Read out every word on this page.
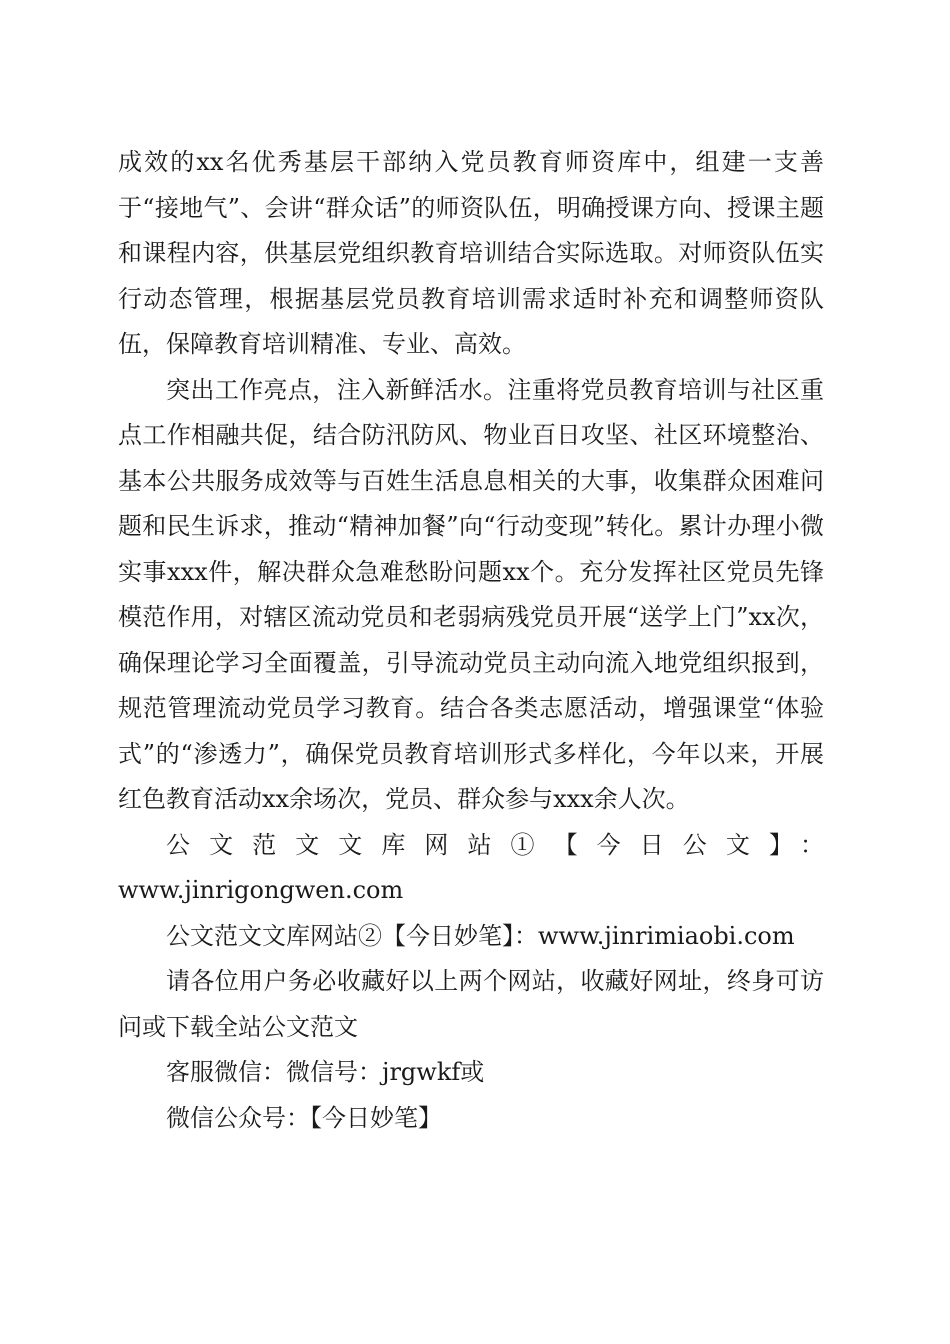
成效的xx名优秀基层干部纳入党员教育师资库中，组建一支善于“接地气”、会讲“群众话”的师资队伍，明确授课方向、授课主题和课程内容，供基层党组织教育培训结合实际选取。对师资队伍实行动态管理，根据基层党员教育培训需求适时补充和调整师资队伍，保障教育培训精准、专业、高效。

突出工作亮点，注入新鲜活水。注重将党员教育培训与社区重点工作相融共促，结合防汛防风、物业百日攻坚、社区环境整治、基本公共服务成效等与百姓生活息息相关的大事，收集群众困难问题和民生诉求，推动“精神加餐”向“行动变现”转化。累计办理小微实事xxx件，解决群众急难愁盼问题xx个。充分发挥社区党员先锋模范作用，对辖区流动党员和老弱病残党员开展“送学上门”xx次，确保理论学习全面覆盖，引导流动党员主动向流入地党组织报到，规范管理流动党员学习教育。结合各类志愿活动，增强课堂“体验式”的“渗透力”，确保党员教育培训形式多样化，今年以来，开展红色教育活动xx余场次，党员、群众参与xxx余人次。

公文范文文库网站①【今日公文】：

www.jinrigongwen.com

公文范文文库网站②【今日妙笔】：www.jinrimiaobi.com

请各位用户务必收藏好以上两个网站，收藏好网址，终身可访问或下载全站公文范文

客服微信：微信号：jrgwkf或

微信公众号：【今日妙笔】
